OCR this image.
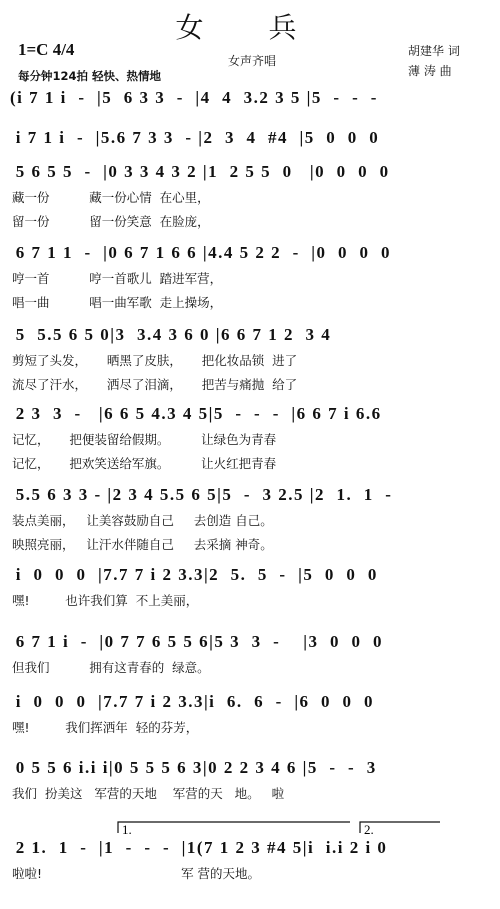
女 兵
1=C 4/4
每分钟124拍 轻快、热情地
女声齐唱
胡建华 词
薄 涛 曲
(i 7 1 i  -  |5  6 3 3  -  |4  4  3.2 3 5 |5  -  -  -
i 7 1 i  -  |5.6 7 3 3  - |2  3  4  #4  |5  0  0  0
5 6 5 5  -  |0 3 3 4 3 2 |1  2 5 5  0   |0  0  0  0
藏一份          藏一份心情  在心里，
留一份          留一份笑意  在脸庞，
6 7 1 1  -  |0 6 7 1 6 6 |4.4 5 2 2  -  |0  0  0  0
哼一首          哼一首歌儿  踏进军营，
唱一曲          唱一曲军歌  走上操场，
5  5.5 6 5 0|3  3.4 3 6 0 |6 6 7 1 2  3 4
剪短了头发，     晒黑了皮肤，     把化妆品锁  进了
流尽了汗水，     洒尽了泪滴，     把苦与痛抛  给了
2 3  3  -   |6 6 5 4.3 4 5|5  -  -  -  |6 6 7 i 6.6
记忆，     把便装留给假期。        让绿色为青春
记忆，     把欢笑送给军旗。        让火红把青春
5.5 6 3 3 - |2 3 4 5.5 6 5|5  -  3 2.5 |2  1.  1  -
装点美丽，   让美容鼓励自己     去创造 自己。
映照亮丽，   让汗水伴随自己     去采摘 神奇。
i  0  0  0  |7.7 7 i 2 3.3|2  5.  5  -  |5  0  0  0
嘿!         也许我们算  不上美丽，
6 7 1 i  -  |0 7 7 6 5 5 6|5 3  3  -    |3  0  0  0
但我们          拥有这青春的  绿意。
i  0  0  0  |7.7 7 i 2 3.3|i  6.  6  -  |6  0  0  0
嘿!         我们挥洒年  轻的芬芳，
0 5 5 6 i.i i|0 5 5 5 6 3|0 2 2 3 4 6 |5  -  -  3
我们  扮美这   军营的天地    军营的天   地。   啦
2 1.  1  -  |1  -  -  -  |1(7 1 2 3 #4 5|i  i.i 2 i 0
啦啦!                                   军 营的天地。
1.	2.
